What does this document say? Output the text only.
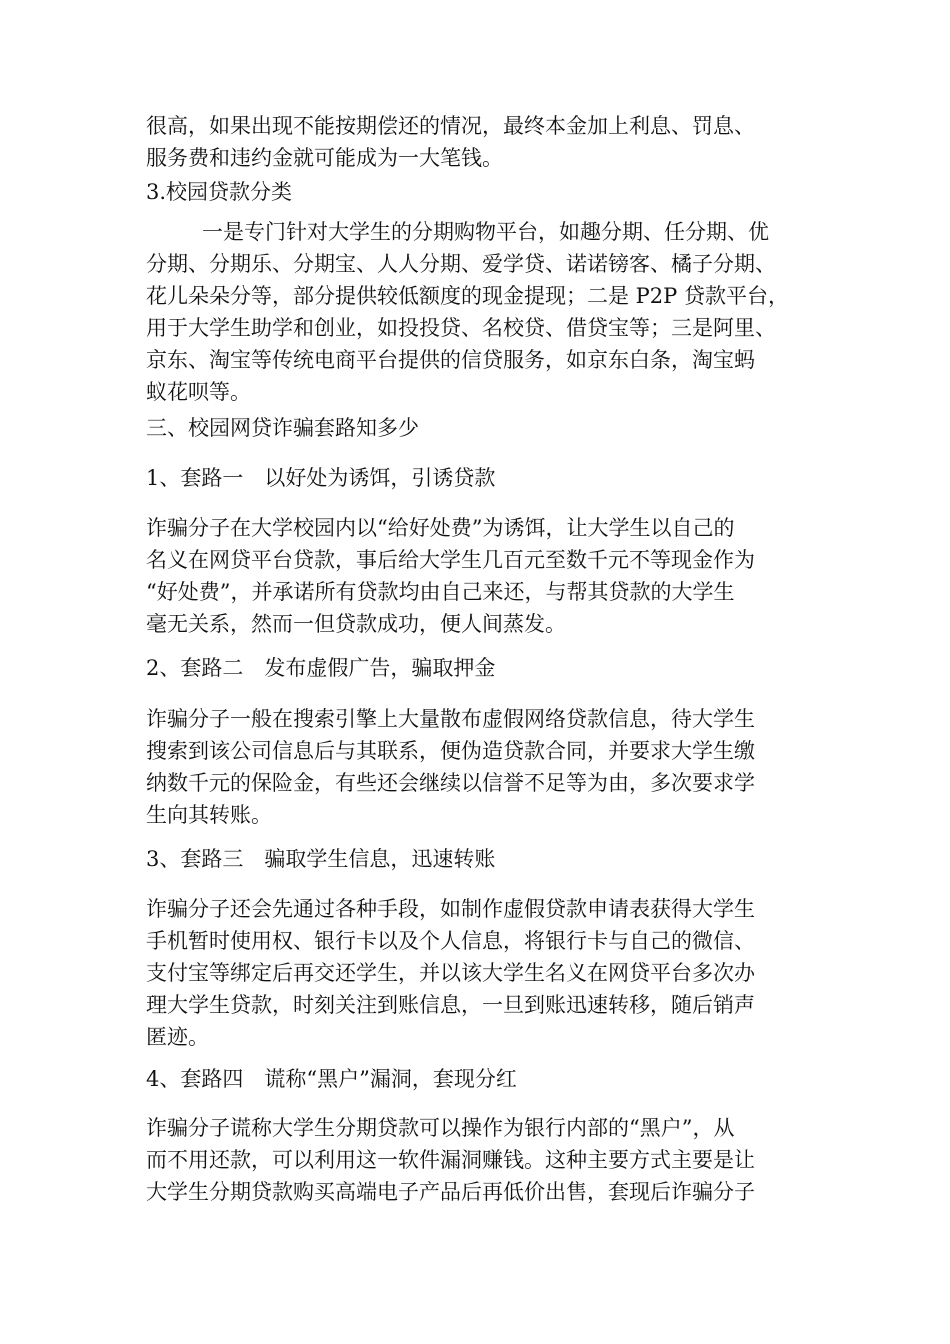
很高，如果出现不能按期偿还的情况，最终本金加上利息、罚息、
服务费和违约金就可能成为一大笔钱。
3.校园贷款分类
一是专门针对大学生的分期购物平台，如趣分期、任分期、优
分期、分期乐、分期宝、人人分期、爱学贷、诺诺镑客、橘子分期、
花儿朵朵分等，部分提供较低额度的现金提现；二是 P2P 贷款平台，
用于大学生助学和创业，如投投贷、名校贷、借贷宝等；三是阿里、
京东、淘宝等传统电商平台提供的信贷服务，如京东白条，淘宝蚂
蚁花呗等。
三、校园网贷诈骗套路知多少
1、套路一　以好处为诱饵，引诱贷款
诈骗分子在大学校园内以“给好处费”为诱饵，让大学生以自己的
名义在网贷平台贷款，事后给大学生几百元至数千元不等现金作为
“好处费”，并承诺所有贷款均由自己来还，与帮其贷款的大学生
毫无关系，然而一但贷款成功，便人间蒸发。
2、套路二　发布虚假广告，骗取押金
诈骗分子一般在搜索引擎上大量散布虚假网络贷款信息，待大学生
搜索到该公司信息后与其联系，便伪造贷款合同，并要求大学生缴
纳数千元的保险金，有些还会继续以信誉不足等为由，多次要求学
生向其转账。
3、套路三　骗取学生信息，迅速转账
诈骗分子还会先通过各种手段，如制作虚假贷款申请表获得大学生
手机暂时使用权、银行卡以及个人信息，将银行卡与自己的微信、
支付宝等绑定后再交还学生，并以该大学生名义在网贷平台多次办
理大学生贷款，时刻关注到账信息，一旦到账迅速转移，随后销声
匿迹。
4、套路四　谎称“黑户”漏洞，套现分红
诈骗分子谎称大学生分期贷款可以操作为银行内部的“黑户”，从
而不用还款，可以利用这一软件漏洞赚钱。这种主要方式主要是让
大学生分期贷款购买高端电子产品后再低价出售，套现后诈骗分子
